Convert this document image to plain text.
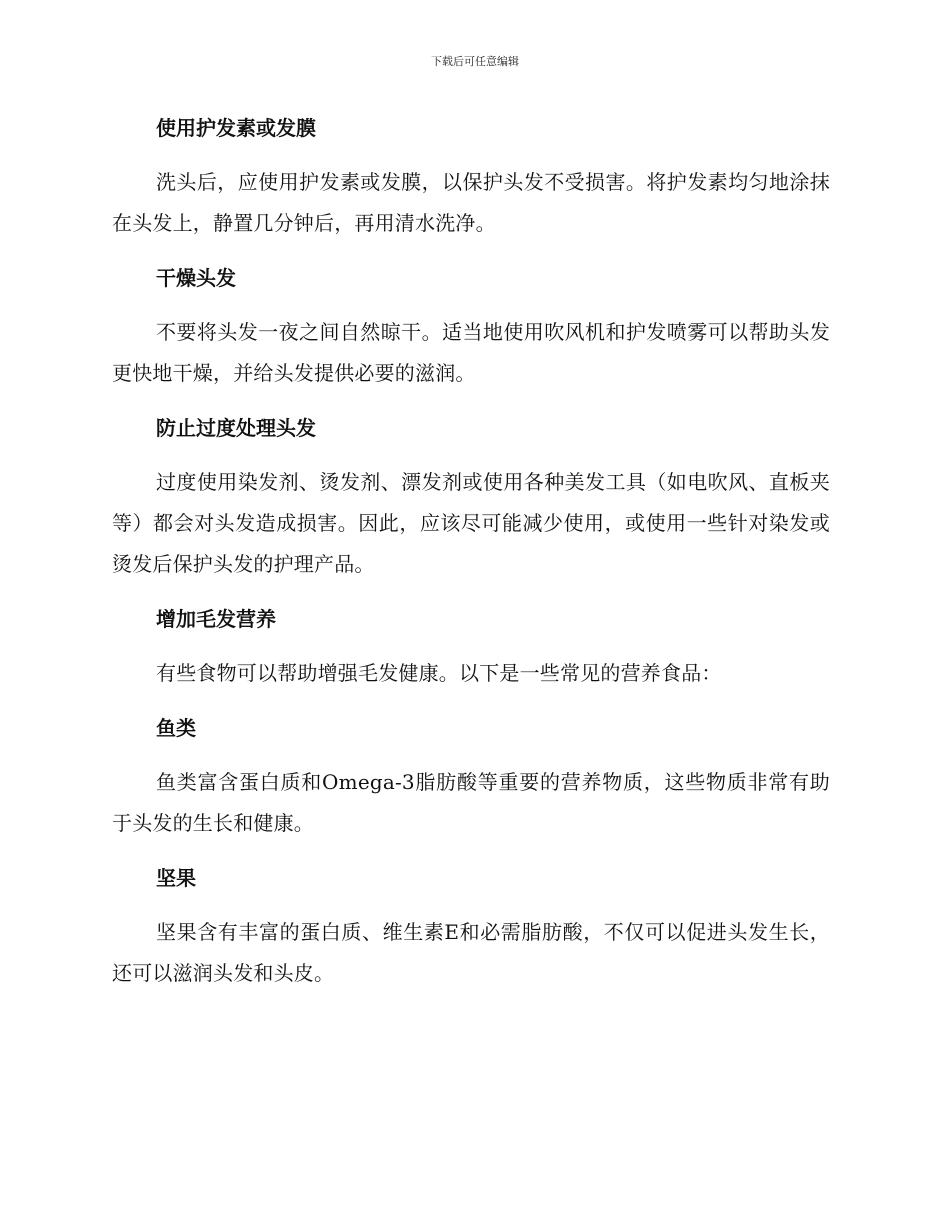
下载后可任意编辑
使用护发素或发膜

洗头后，应使用护发素或发膜，以保护头发不受损害。将护发素均匀地涂抹在头发上，静置几分钟后，再用清水洗净。

干燥头发

不要将头发一夜之间自然晾干。适当地使用吹风机和护发喷雾可以帮助头发更快地干燥，并给头发提供必要的滋润。

防止过度处理头发

过度使用染发剂、烫发剂、漂发剂或使用各种美发工具（如电吹风、直板夹等）都会对头发造成损害。因此，应该尽可能减少使用，或使用一些针对染发或烫发后保护头发的护理产品。

增加毛发营养

有些食物可以帮助增强毛发健康。以下是一些常见的营养食品：

鱼类

鱼类富含蛋白质和Omega-3脂肪酸等重要的营养物质，这些物质非常有助于头发的生长和健康。

坚果

坚果含有丰富的蛋白质、维生素E和必需脂肪酸，不仅可以促进头发生长，还可以滋润头发和头皮。
